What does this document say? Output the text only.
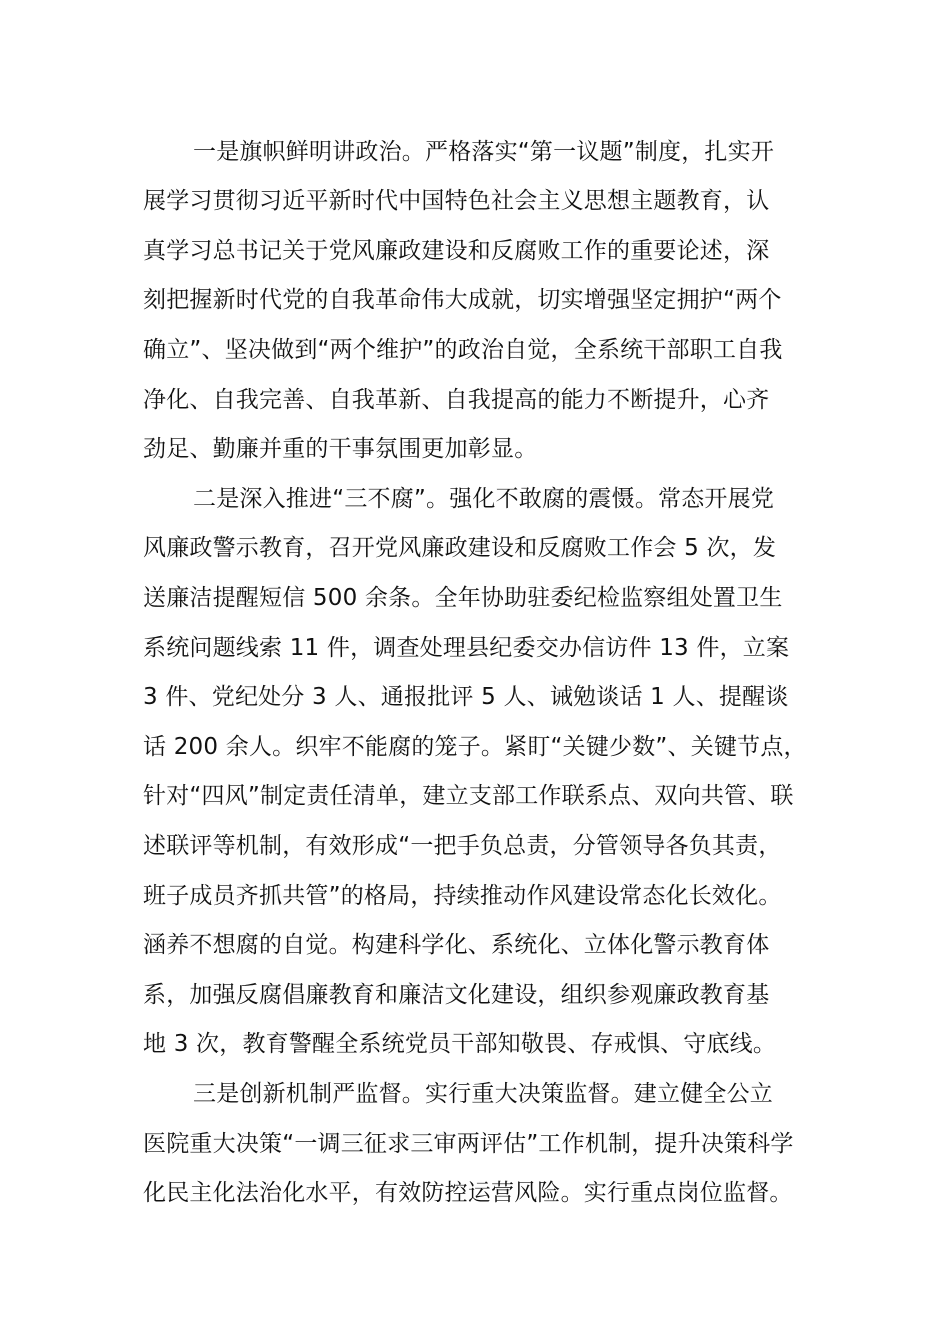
一是旗帜鲜明讲政治。严格落实“第一议题”制度，扎实开
展学习贯彻习近平新时代中国特色社会主义思想主题教育，认
真学习总书记关于党风廉政建设和反腐败工作的重要论述，深
刻把握新时代党的自我革命伟大成就，切实增强坚定拥护“两个
确立”、坚决做到“两个维护”的政治自觉，全系统干部职工自我
净化、自我完善、自我革新、自我提高的能力不断提升，心齐
劲足、勤廉并重的干事氛围更加彰显。
二是深入推进“三不腐”。强化不敢腐的震慑。常态开展党
风廉政警示教育，召开党风廉政建设和反腐败工作会 5 次，发
送廉洁提醒短信 500 余条。全年协助驻委纪检监察组处置卫生
系统问题线索 11 件，调查处理县纪委交办信访件 13 件，立案
3 件、党纪处分 3 人、通报批评 5 人、诫勉谈话 1 人、提醒谈
话 200 余人。织牢不能腐的笼子。紧盯“关键少数”、关键节点，
针对“四风”制定责任清单，建立支部工作联系点、双向共管、联
述联评等机制，有效形成“一把手负总责，分管领导各负其责，
班子成员齐抓共管”的格局，持续推动作风建设常态化长效化。
涵养不想腐的自觉。构建科学化、系统化、立体化警示教育体
系，加强反腐倡廉教育和廉洁文化建设，组织参观廉政教育基
地 3 次，教育警醒全系统党员干部知敬畏、存戒惧、守底线。
三是创新机制严监督。实行重大决策监督。建立健全公立
医院重大决策“一调三征求三审两评估”工作机制，提升决策科学
化民主化法治化水平，有效防控运营风险。实行重点岗位监督。
